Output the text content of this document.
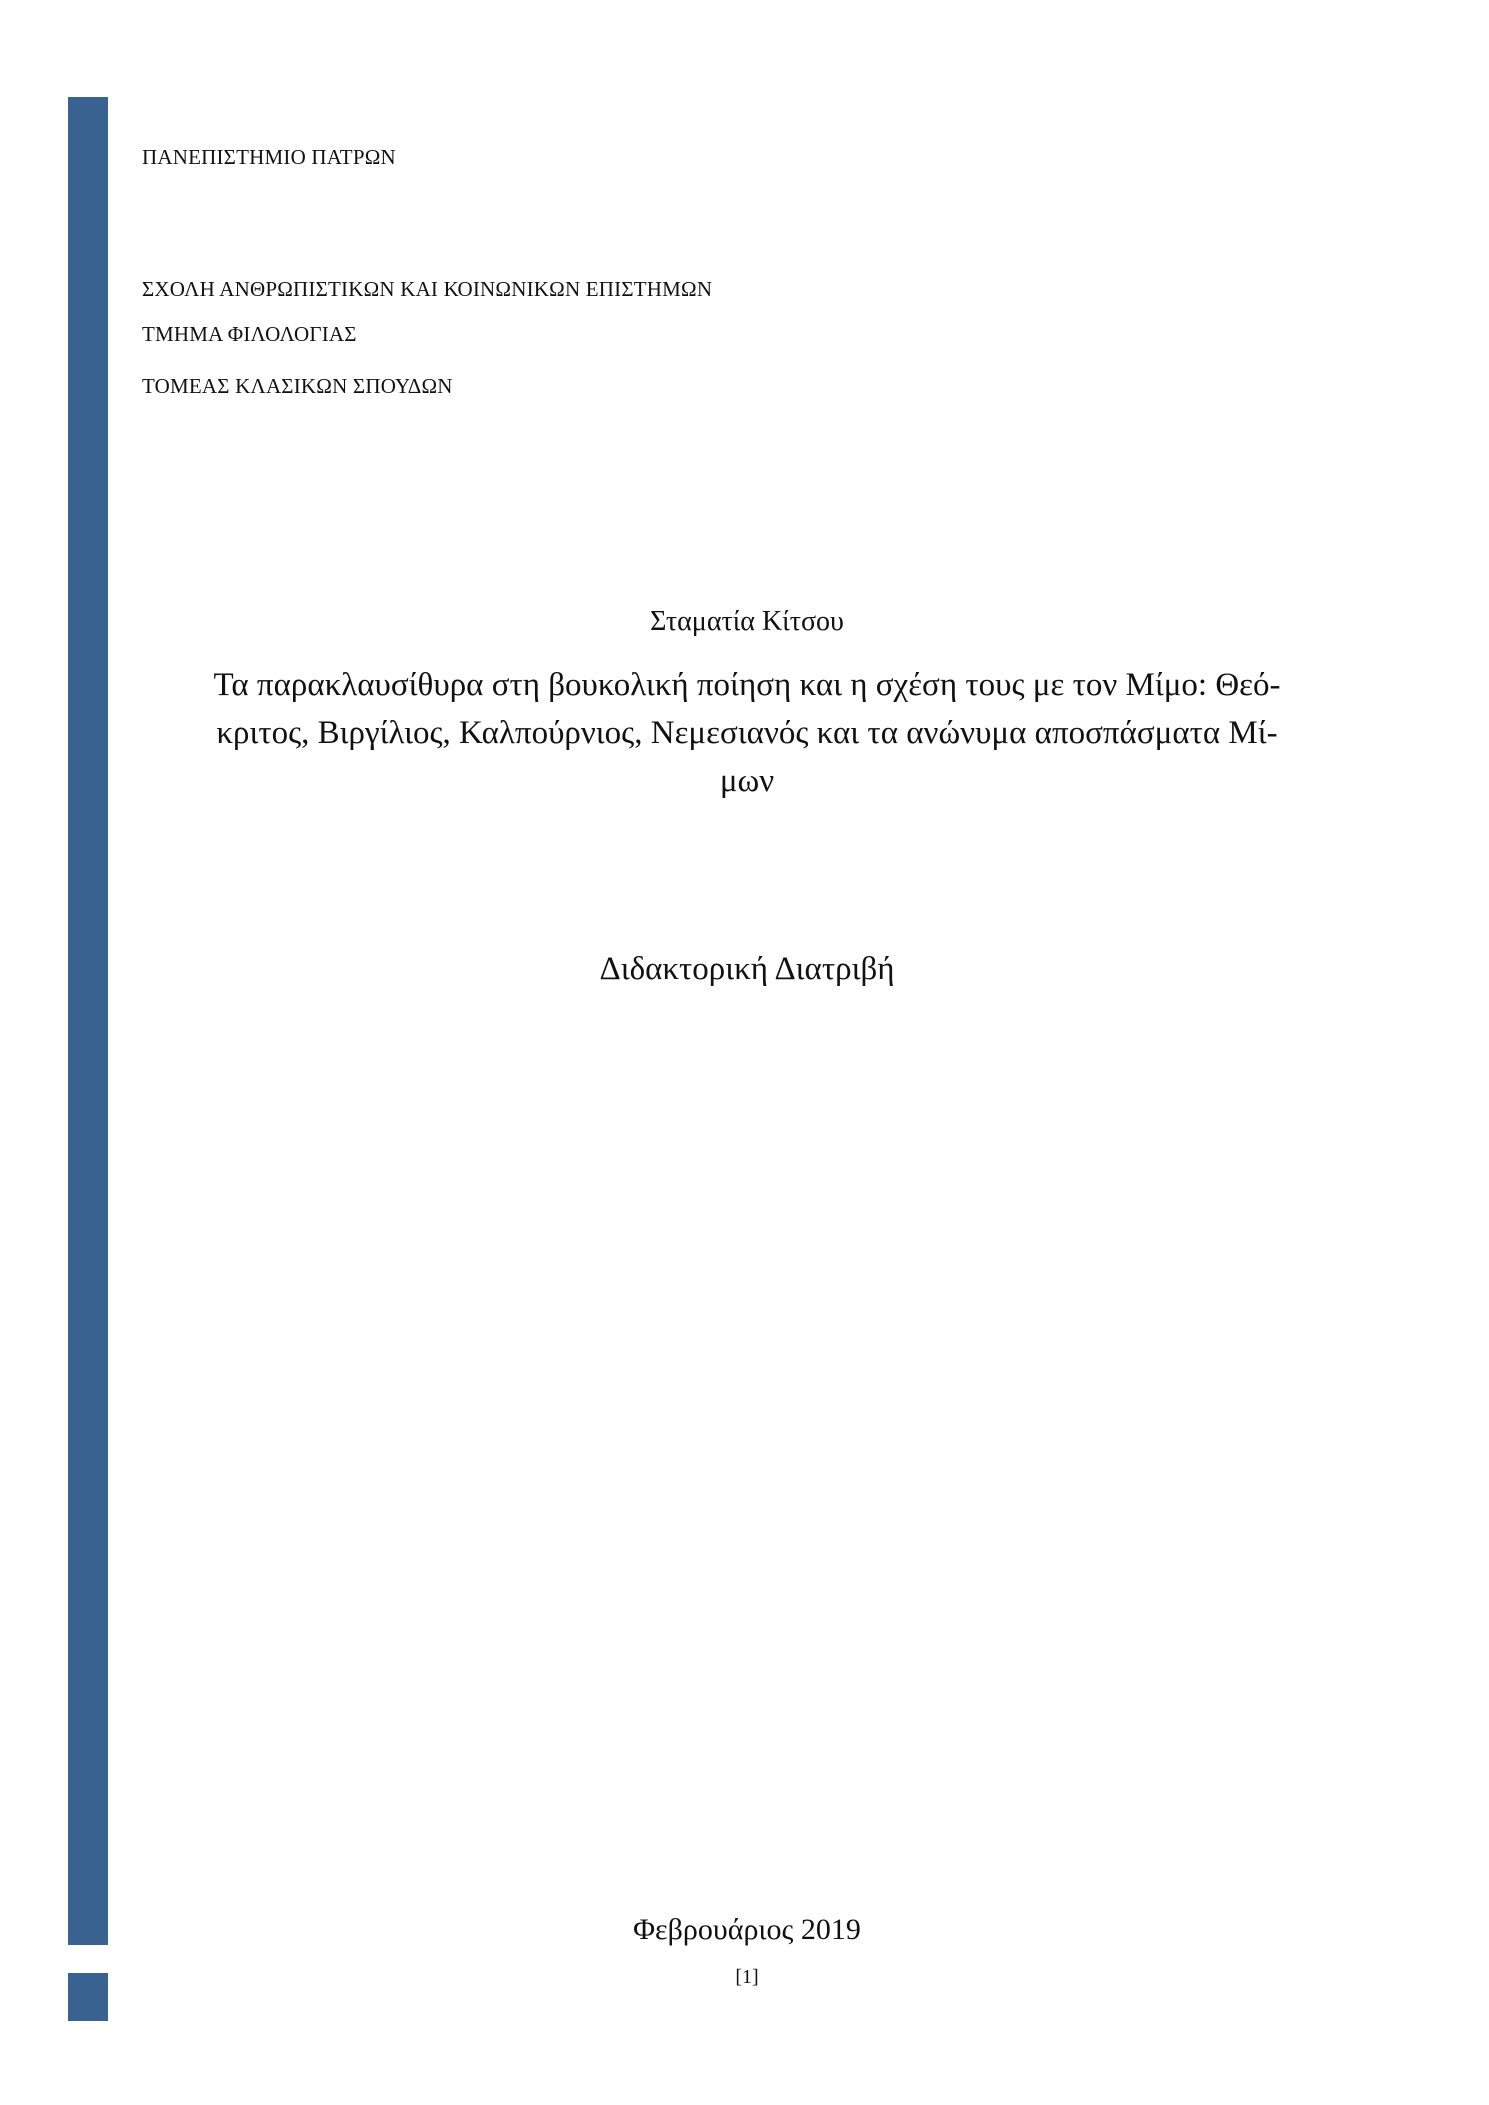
ΠΑΝΕΠΙΣΤΗΜΙΟ ΠΑΤΡΩΝ
ΣΧΟΛΗ ΑΝΘΡΩΠΙΣΤΙΚΩΝ ΚΑΙ ΚΟΙΝΩΝΙΚΩΝ ΕΠΙΣΤΗΜΩΝ
ΤΜΗΜΑ ΦΙΛΟΛΟΓΙΑΣ
ΤΟΜΕΑΣ ΚΛΑΣΙΚΩΝ ΣΠΟΥΔΩΝ
Σταματία Κίτσου
Τα παρακλαυσίθυρα στη βουκολική ποίηση και η σχέση τους με τον Μίμο: Θεό-
κριτος, Βιργίλιος, Καλπούρνιος, Νεμεσιανός και τα ανώνυμα αποσπάσματα Μί-
μων
Διδακτορική Διατριβή
Φεβρουάριος 2019
[1]
